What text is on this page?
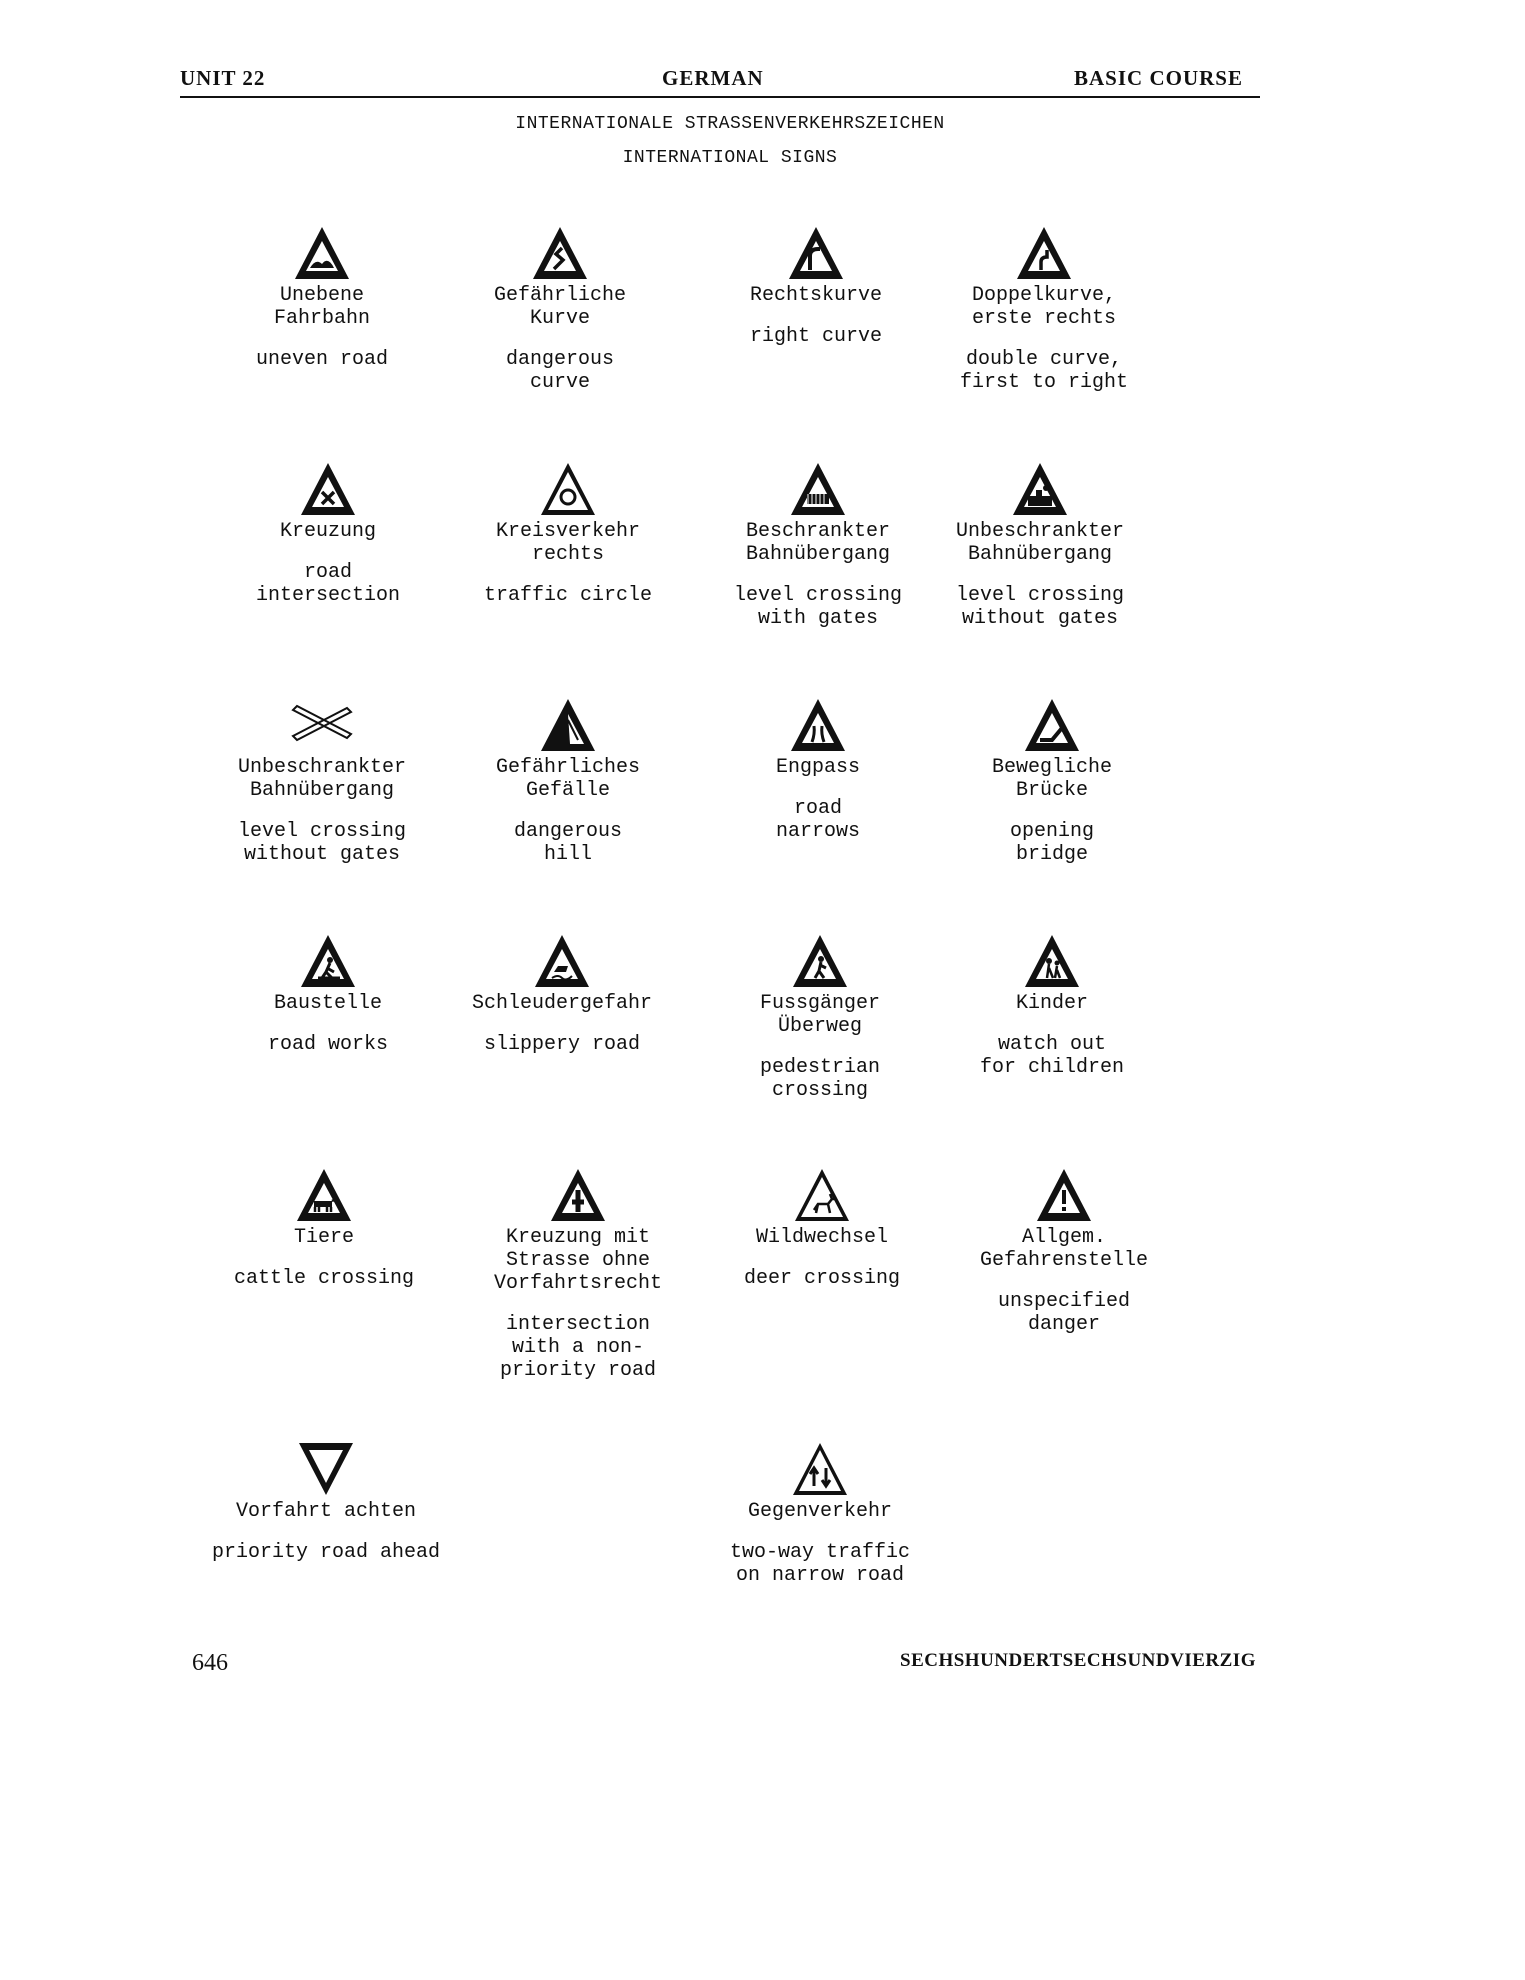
UNIT 22	GERMAN	BASIC COURSE
INTERNATIONALE STRASSENVERKEHRSZEICHEN
INTERNATIONAL SIGNS
Unebene
Fahrbahn
uneven road
Gefährliche
Kurve
dangerous
curve
Rechtskurve
right curve
Doppelkurve,
erste rechts
double curve,
first to right
Kreuzung
road
intersection
Kreisverkehr
rechts
traffic circle
Beschrankter
Bahnübergang
level crossing
with gates
Unbeschrankter
Bahnübergang
level crossing
without gates
Unbeschrankter
Bahnübergang
level crossing
without gates
Gefährliches
Gefälle
dangerous
hill
Engpass
road
narrows
Bewegliche
Brücke
opening
bridge
Baustelle
road works
Schleudergefahr
slippery road
Fussgänger
Überweg
pedestrian
crossing
Kinder
watch out
for children
Tiere
cattle crossing
Kreuzung mit
Strasse ohne
Vorfahrtsrecht
intersection
with a non-
priority road
Wildwechsel
deer crossing
Allgem.
Gefahrenstelle
unspecified
danger
Vorfahrt achten
priority road ahead
Gegenverkehr
two-way traffic
on narrow road
646	SECHSHUNDERTSECHSUNDVIERZIG
